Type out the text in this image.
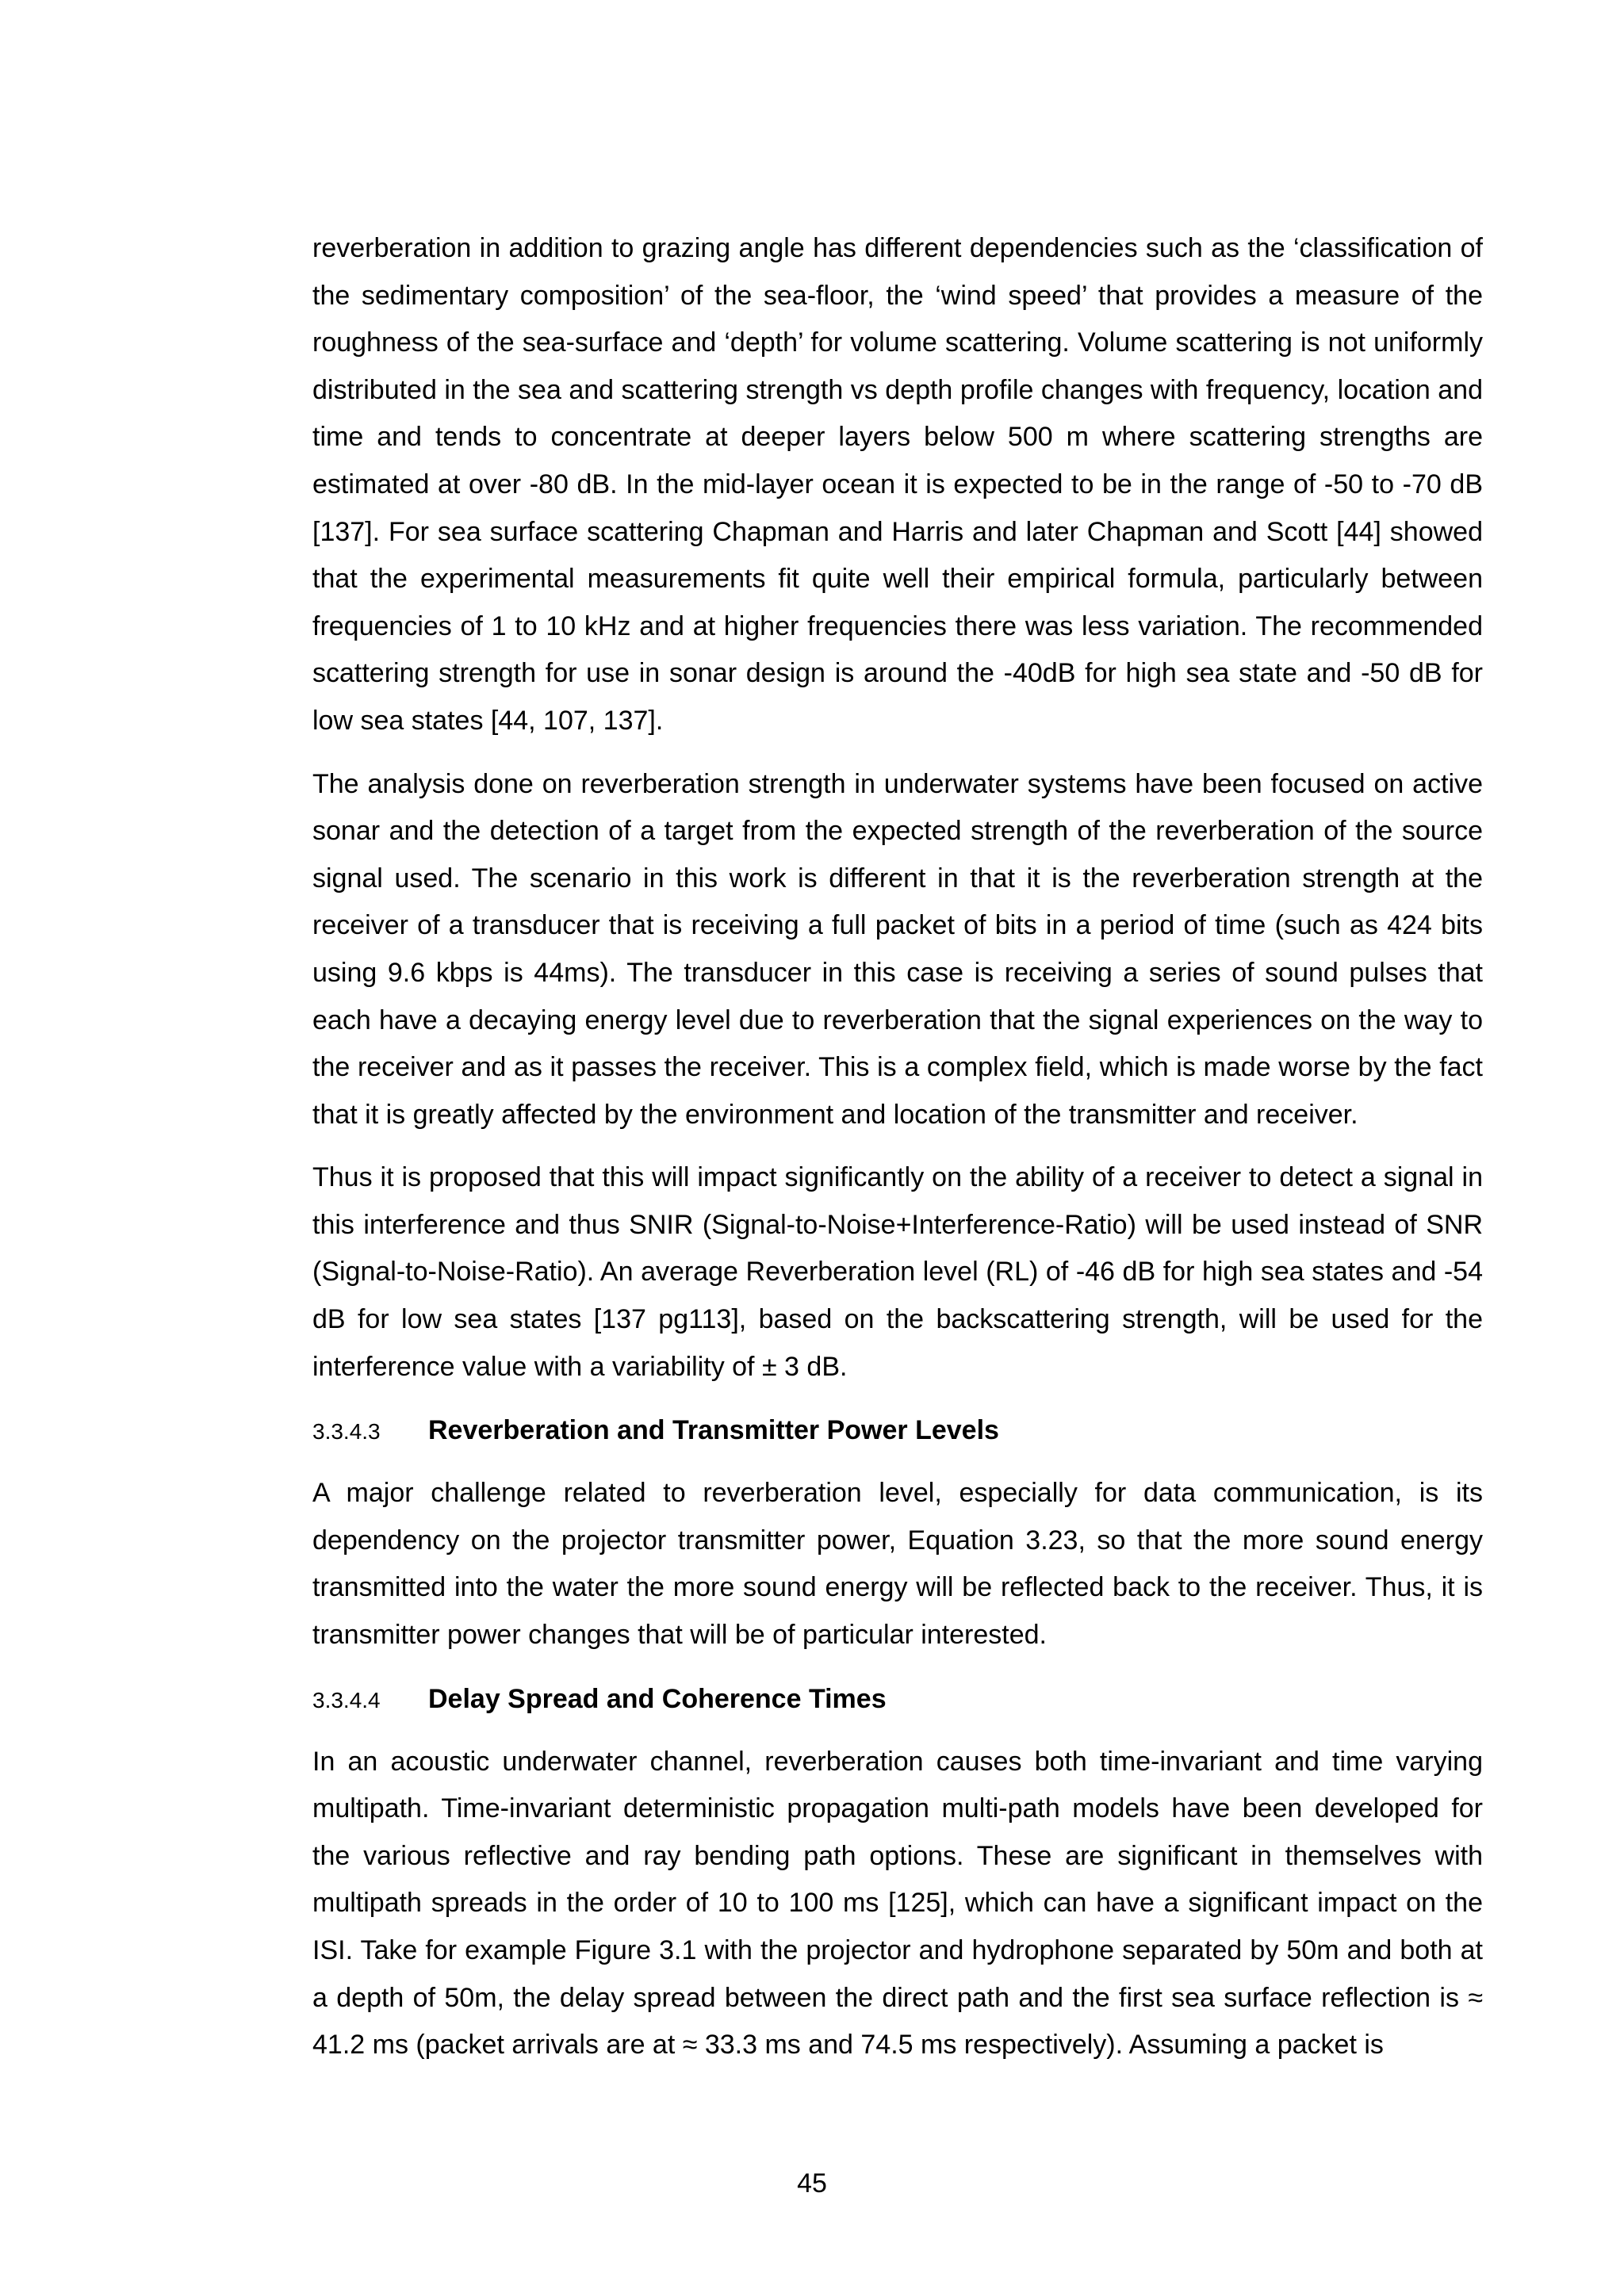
reverberation in addition to grazing angle has different dependencies such as the ‘classification of the sedimentary composition’ of the sea-floor, the ‘wind speed’ that provides a measure of the roughness of the sea-surface and ‘depth’ for volume scattering. Volume scattering is not uniformly distributed in the sea and scattering strength vs depth profile changes with frequency, location and time and tends to concentrate at deeper layers below 500 m where scattering strengths are estimated at over -80 dB. In the mid-layer ocean it is expected to be in the range of -50 to -70 dB [137]. For sea surface scattering Chapman and Harris and later Chapman and Scott [44] showed that the experimental measurements fit quite well their empirical formula, particularly between frequencies of 1 to 10 kHz and at higher frequencies there was less variation. The recommended scattering strength for use in sonar design is around the -40dB for high sea state and -50 dB for low sea states [44, 107, 137].

The analysis done on reverberation strength in underwater systems have been focused on active sonar and the detection of a target from the expected strength of the reverberation of the source signal used. The scenario in this work is different in that it is the reverberation strength at the receiver of a transducer that is receiving a full packet of bits in a period of time (such as 424 bits using 9.6 kbps is 44ms). The transducer in this case is receiving a series of sound pulses that each have a decaying energy level due to reverberation that the signal experiences on the way to the receiver and as it passes the receiver. This is a complex field, which is made worse by the fact that it is greatly affected by the environment and location of the transmitter and receiver.

Thus it is proposed that this will impact significantly on the ability of a receiver to detect a signal in this interference and thus SNIR (Signal-to-Noise+Interference-Ratio) will be used instead of SNR (Signal-to-Noise-Ratio). An average Reverberation level (RL) of -46 dB for high sea states and -54 dB for low sea states [137 pg113], based on the backscattering strength, will be used for the interference value with a variability of ± 3 dB.

3.3.4.3	Reverberation and Transmitter Power Levels

A major challenge related to reverberation level, especially for data communication, is its dependency on the projector transmitter power, Equation 3.23, so that the more sound energy transmitted into the water the more sound energy will be reflected back to the receiver. Thus, it is transmitter power changes that will be of particular interested.

3.3.4.4	Delay Spread and Coherence Times

In an acoustic underwater channel, reverberation causes both time-invariant and time varying multipath. Time-invariant deterministic propagation multi-path models have been developed for the various reflective and ray bending path options. These are significant in themselves with multipath spreads in the order of 10 to 100 ms [125], which can have a significant impact on the ISI. Take for example Figure 3.1 with the projector and hydrophone separated by 50m and both at a depth of 50m, the delay spread between the direct path and the first sea surface reflection is ≈ 41.2 ms (packet arrivals are at ≈ 33.3 ms and 74.5 ms respectively). Assuming a packet is

45
